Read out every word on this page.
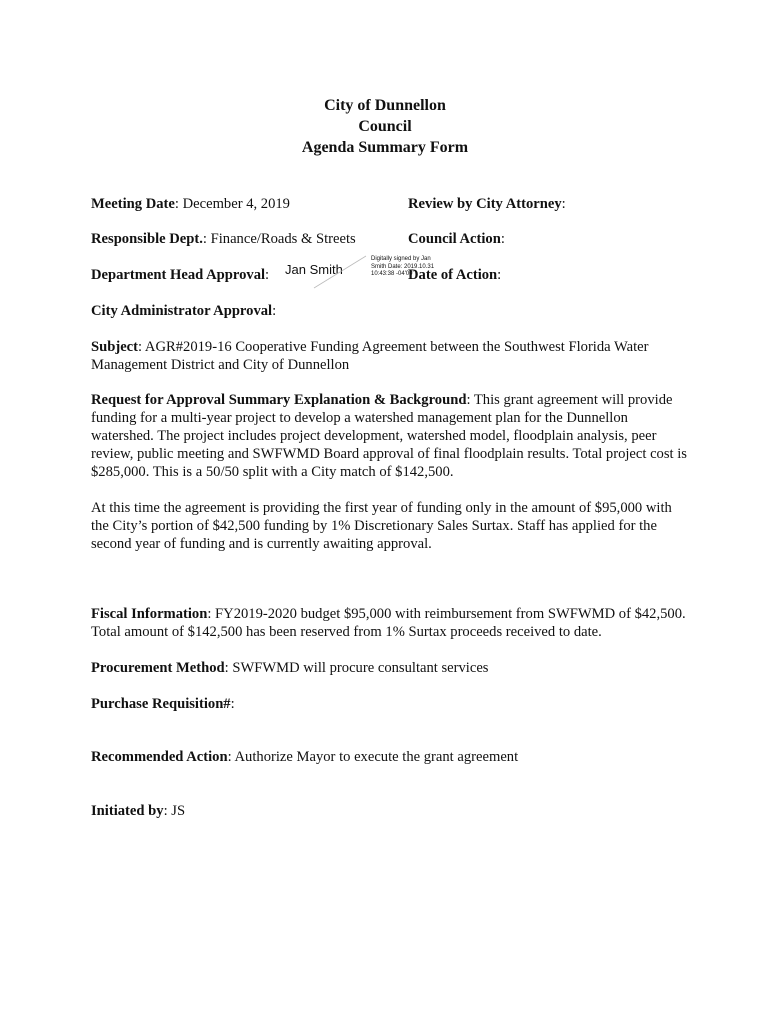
City of Dunnellon
Council
Agenda Summary Form
Meeting Date: December 4, 2019	Review by City Attorney:
Responsible Dept.: Finance/Roads & Streets	Council Action:
Department Head Approval: Jan Smith
Digitally signed by Jan Smith Date: 2019.10.31 10:43:38 -04'00'
Date of Action:
City Administrator Approval:
Subject: AGR#2019-16 Cooperative Funding Agreement between the Southwest Florida Water Management District and City of Dunnellon
Request for Approval Summary Explanation & Background: This grant agreement will provide funding for a multi-year project to develop a watershed management plan for the Dunnellon watershed. The project includes project development, watershed model, floodplain analysis, peer review, public meeting and SWFWMD Board approval of final floodplain results. Total project cost is $285,000. This is a 50/50 split with a City match of $142,500.
At this time the agreement is providing the first year of funding only in the amount of $95,000 with the City’s portion of $42,500 funding by 1% Discretionary Sales Surtax. Staff has applied for the second year of funding and is currently awaiting approval.
Fiscal Information: FY2019-2020 budget $95,000 with reimbursement from SWFWMD of $42,500. Total amount of $142,500 has been reserved from 1% Surtax proceeds received to date.
Procurement Method: SWFWMD will procure consultant services
Purchase Requisition#:
Recommended Action: Authorize Mayor to execute the grant agreement
Initiated by: JS
